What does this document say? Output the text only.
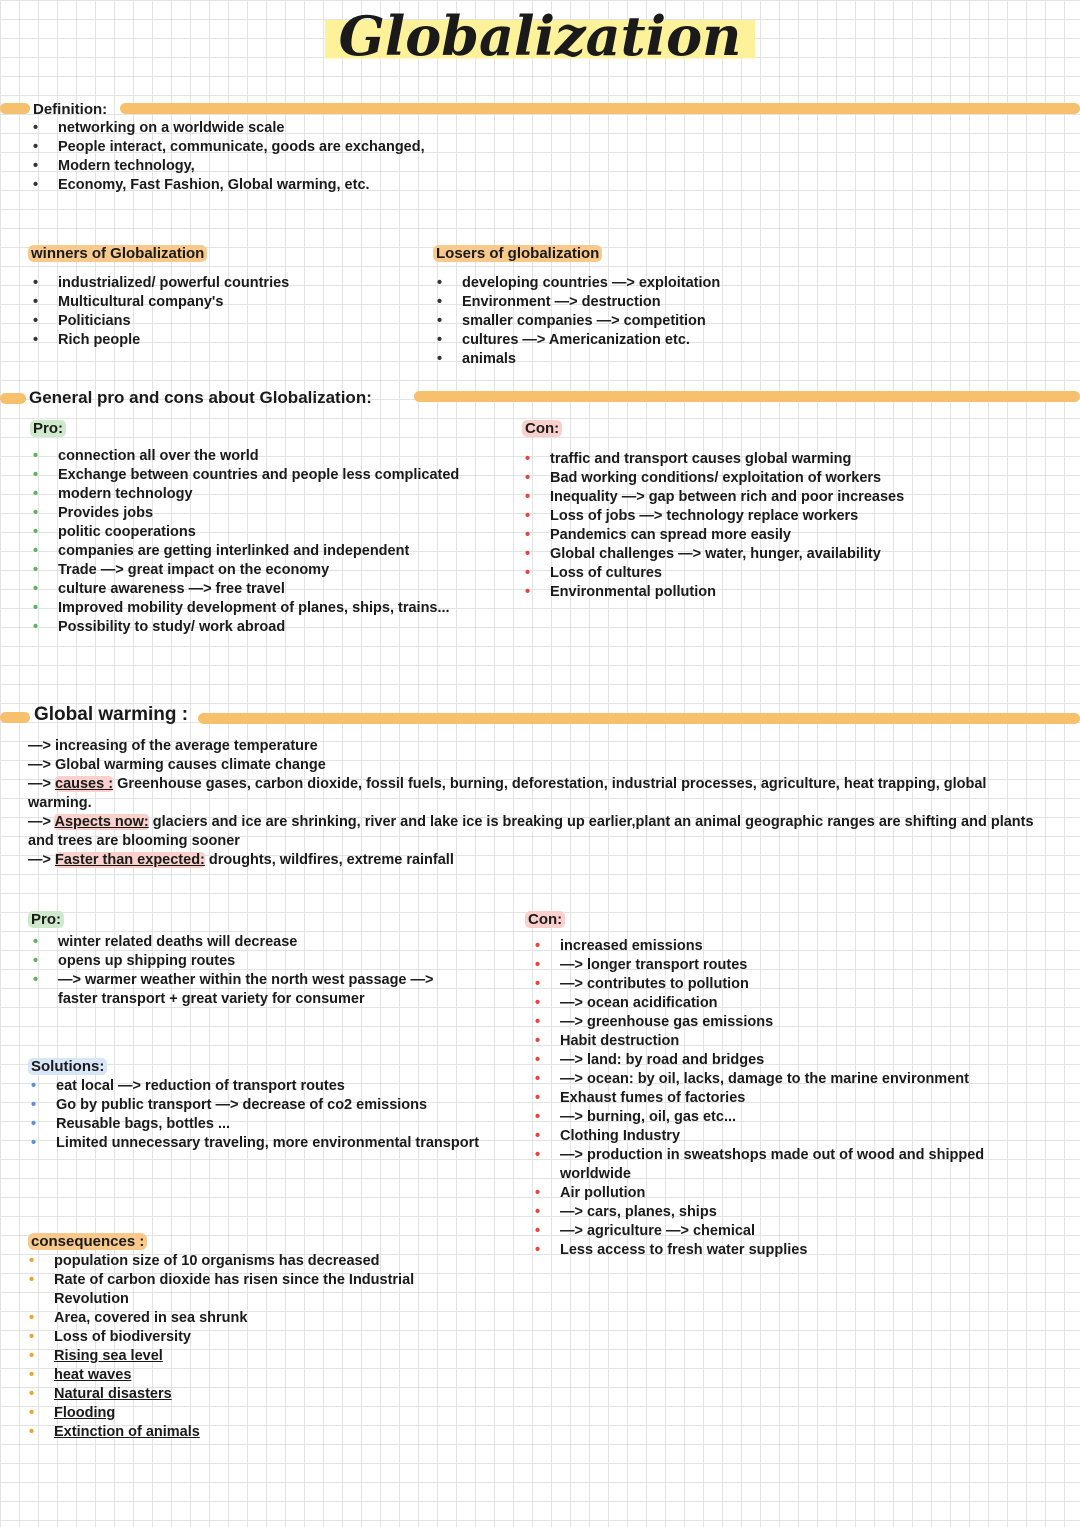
Globalization
Definition:
• networking on a worldwide scale
• People interact, communicate, goods are exchanged,
• Modern technology,
• Economy, Fast Fashion, Global warming, etc.
winners of Globalization
• industrialized/ powerful countries
• Multicultural company's
• Politicians
• Rich people
Losers of globalization
• developing countries —> exploitation
• Environment —> destruction
• smaller companies —> competition
• cultures —> Americanization etc.
• animals
General pro and cons about Globalization:
Pro:
• connection all over the world
• Exchange between countries and people less complicated
• modern technology
• Provides jobs
• politic cooperations
• companies are getting interlinked and independent
• Trade —> great impact on the economy
• culture awareness —> free travel
• Improved mobility development of planes, ships, trains...
• Possibility to study/ work abroad
Con:
• traffic and transport causes global warming
• Bad working conditions/ exploitation of workers
• Inequality —> gap between rich and poor increases
• Loss of jobs —> technology replace workers
• Pandemics can spread more easily
• Global challenges —> water, hunger, availability
• Loss of cultures
• Environmental pollution
Global warming :
—> increasing of the average temperature
—> Global warming causes climate change
—> causes : Greenhouse gases, carbon dioxide, fossil fuels, burning, deforestation, industrial processes, agriculture, heat trapping, global warming.
—> Aspects now: glaciers and ice are shrinking, river and lake ice is breaking up earlier,plant an animal geographic ranges are shifting and plants and trees are blooming sooner
—> Faster than expected: droughts, wildfires, extreme rainfall
Pro:
• winter related deaths will decrease
• opens up shipping routes
• —> warmer weather within the north west passage —> faster transport + great variety for consumer
Solutions:
• eat local —> reduction of transport routes
• Go by public transport —> decrease of co2 emissions
• Reusable bags, bottles ...
• Limited unnecessary traveling, more environmental transport
consequences :
• population size of 10 organisms has decreased
• Rate of carbon dioxide has risen since the Industrial Revolution
• Area, covered in sea shrunk
• Loss of biodiversity
• Rising sea level
• heat waves
• Natural disasters
• Flooding
• Extinction of animals
Con:
• increased emissions
• —> longer transport routes
• —> contributes to pollution
• —> ocean acidification
• —> greenhouse gas emissions
• Habit destruction
• —> land: by road and bridges
• —> ocean: by oil, lacks, damage to the marine environment
• Exhaust fumes of factories
• —> burning, oil, gas etc...
• Clothing Industry
• —> production in sweatshops made out of wood and shipped worldwide
• Air pollution
• —> cars, planes, ships
• —> agriculture —> chemical
• Less access to fresh water supplies
